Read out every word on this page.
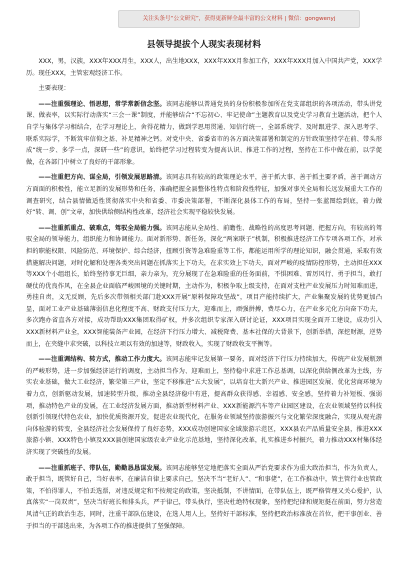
关注头条号“公文研究”，获得更新鲜全最丰富的公文材料 | 微信：gongwenyj
县领导提拔个人现实表现材料

XXX，男，汉族，XXX年XXX月生，XXX人，出生地XXX，XXX年XXX月参加工作，XXX年XXX月加入中国共产党，XXX学历。现任XXX，主管宏观经济工作。

主要表现：

——注重强理论、悟思想，常学常新信念坚。该同志能够以普通党员的身份积极参加所在党支部组织的各项活动，带头讲党课、做表率，以实际行动落实“三会一课”制度，并能够结合“不忘初心、牢记使命”主题教育以及党史学习教育主题活动，把个人自学与集体学习相结合，在学习理论上，舍得花精力，做到学思用贯通、知信行统一，全部系统学、及时跟进学、深入思考学、联系实际学，不断筑牢信仰之基、补足精神之钙。对党中央、省委省市的各方面决策部署和制定的方针政策坚持学在前、带头形成“统一步、多学一点，深研一些”的意识，始终把学习过程转变为提高认识、推进工作的过程，坚持在工作中做在前，以学促做，在各部门中树立了良好的干部形象。

——注重把方向、谋全局，引领发展思路清。该同志具有较高的政策理论水平，善于抓大事、善于抓主要矛盾，善于调动方方面面的积极性，能立足新的发展形势和任务，准确把握全县整体性特点和阶段性特征，加强对事关全局和长远发展重大工作的调查研究，结合县情做适性贯彻落实中央和省委、市委决策部署，不断深化县体工作的布局，坚持一张蓝图绘到底，着力做好“转、调、创”文章，加快供给侧结构性改革，经济社会实现平稳较快发展。

——注重抓重点、破难点，驾驭全局能力强。该同志能从全局性、前瞻性、战略性的高度思考问题、把握方向，有较高的驾驭全局的领导能力，组织能力和协调能力。面对新形势、新任务，深化“两案联子”机制，积极推进经济工作专项各项工作，对承担的职能权限、风险防范、环境保护、综合经济，扭顾引资等急难险重等工作，都能运用所学的理论知识，融会贯通，采取有效措施解决问题，对时化解和处理各类突出问题在抓落实上下功夫，在求实效上下功夫，面对严峻的疫情防控形势，主动担任XXX等XXX个小组组长，始终坚持事无巨细，亲力亲为，充分展现了在急难险重的任务面前，不惧困难、雷厉风行、勇于担当，敢打硬仗的优良作风，在全县企业面临严峻困境的关键时期，主动作为，积极争取上级支持，在面对支柱产业发展压力时知难而进，勇挂自责，义无反顾，先后多次带领相关部门赴XXX开展“原料保障攻坚战”，项目产能持续扩大，产业集聚发展的优势更加凸显，面对工业产业基础薄弱信息化程度不高、财政支付压力大，迎难而上，顽强拼搏，费尽心力，在产业多元化方向奋下功夫，多次跑办省直各方对接，成功帮助XXX集团取得矿权，并多次组织专家深入研讨论证，XXX项目实现全面开工建设，成功引入XXX新材料产业全，XXX智能装备产业园，在经济下行压力增大、减税降费、基本社保的大背景下，创新举措，深挖财源，逆势而上，在夹缝中求突破，以科技立项以有效的加速等，财政收入，实现了财政收支平衡等。

——注重调结构、转方式，推动工作力度大。该同志能牢记发展第一要务，面对经济下行压力持续加大，传统产业发展瓶颈的严峻形势，进一步加强经济运行的调度，主动担当作为、迎难而上，坚持稳中求进工作总基调，以深化供给侧改革为主线，夯实农业基础，做大工业经济，繁荣第三产业，坚定不移推进“五大发展”，以培育壮大新兴产业、推进园区发展、优化营商环境为着力点，创新驱动发展，加速转型升级，推动全县经济稳中有进，提高群众获得感、幸福感、安全感，坚持着力补短板、强弱项，推动特色产业的发展，在工业经济发展方面，推动新型材料产业、XXX新能源汽车等产业园区建设，在农业领域坚持以科技创新引领现代特色农业，加快优质资源开发，促进农业现代化，在服务业领域坚持旅游振兴与文化繁荣深度融合，实现从观光游向体验游的转变，全县经济社会发展保持了良好态势，XXX成功创建国家全域旅游示范区，XXX县农产品质量安全县，推进XXX旅游小镇、XXX特色小镇及XXX县创建国家级农业产业化示范基地，坚持深化改革，扎实推进乡村振兴，着力推动XXX村集体经济实现了突破性的发展。

——注重抓班子、带队伍，勤勤恳恳谋发展。该同志能够坚定地把落实全面从严治党要求作为重大政治担当，作为负责人，敢于担当，既管好自己，当好表率，在廉洁自律上要求自己，坚决不当“老好人”、“和事佬”，在工作推动中，管主管行业也管政策，不怕得罪人，不怕丢选票，对违反规定和不按规定的政策，坚决抵制，不讲情面，在带队伍上，既严格管理又关心爱护，认真落实“一岗双责”，坚决当好班长和排头兵，严于律己，带头执行，坚决杜绝特权现象，坚持把纪律和规矩挺在前面，努力营造风清气正的政治生态，同时，注重干部队伍建设，在选人用人上，坚持好干部标准，坚持把政治标准放在首位，把干事创业、善于担当的干部选出来，为各项工作的推进提供了坚强保障。
